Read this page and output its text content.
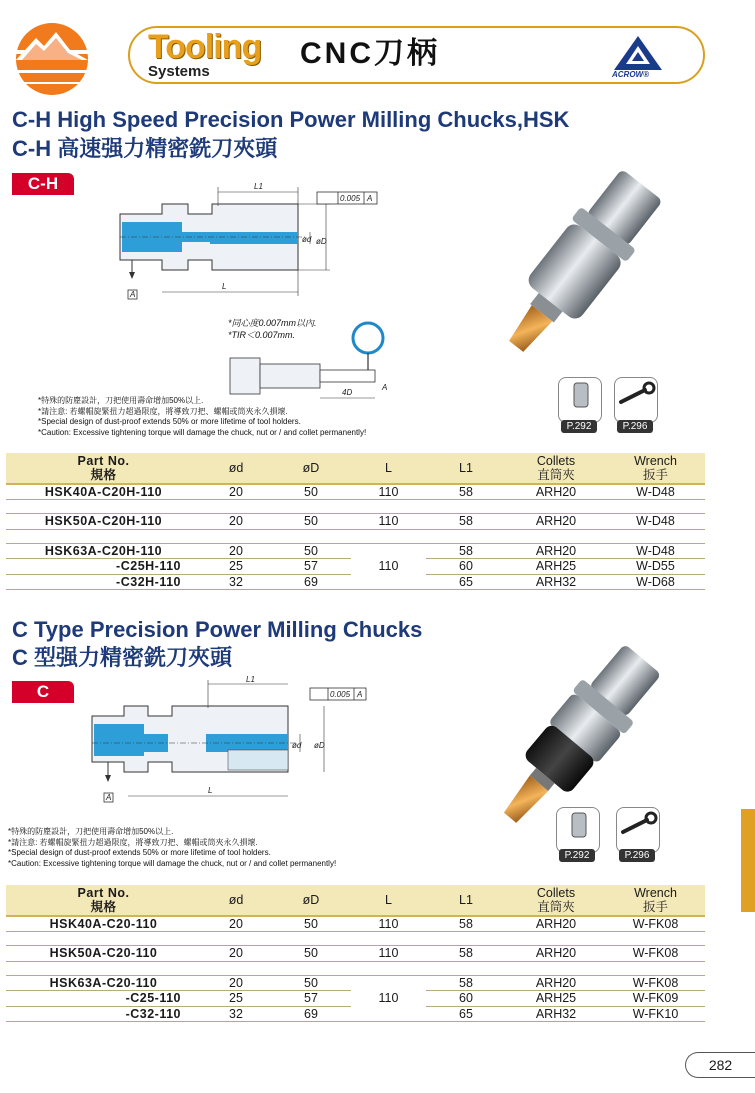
Tooling
Systems
CNC刀柄
ACROW®
C-H High Speed Precision Power Milling Chucks,HSK
C-H 高速强力精密銑刀夾頭
C-H	L1
L
ød øD
0.005 A
A
*同心度0.007mm以內.
*TIR＜0.007mm.
4D
A
*特殊的防塵設計，刀把使用壽命增加50%以上.
*請注意: 若螺帽旋緊扭力超過限度，將導致刀把、螺帽或筒夾永久損壞.
*Special design of dust-proof extends 50% or more lifetime of tool holders.
*Caution: Excessive tightening torque will damage the chuck, nut or / and collet permanently!	P.292	P.296
Part No.
規格	ød	øD	L	L1	Collets
直筒夾	Wrench
扳手
HSK40A-C20H-110	20	50	110	58	ARH20	W-D48

HSK50A-C20H-110	20	50	110	58	ARH20	W-D48

HSK63A-C20H-110	20	50	110	58	ARH20	W-D48
-C25H-110	25	57		60	ARH25	W-D55
-C32H-110	32	69		65	ARH32	W-D68
C Type Precision Power Milling Chucks
C 型强力精密銑刀夾頭
C
L1
L
ød øD
0.005 A
A
*特殊的防塵設計，刀把使用壽命增加50%以上.
*請注意: 若螺帽旋緊扭力超過限度，將導致刀把、螺帽或筒夾永久損壞.
*Special design of dust-proof extends 50% or more lifetime of tool holders.
*Caution: Excessive tightening torque will damage the chuck, nut or / and collet permanently!
P.292	P.296
Part No.
規格	ød	øD	L	L1	Collets
直筒夾	Wrench
扳手
HSK40A-C20-110	20	50	110	58	ARH20	W-FK08

HSK50A-C20-110	20	50	110	58	ARH20	W-FK08

HSK63A-C20-110	20	50	110	58	ARH20	W-FK08
-C25-110	25	57		60	ARH25	W-FK09
-C32-110	32	69		65	ARH32	W-FK10
282
